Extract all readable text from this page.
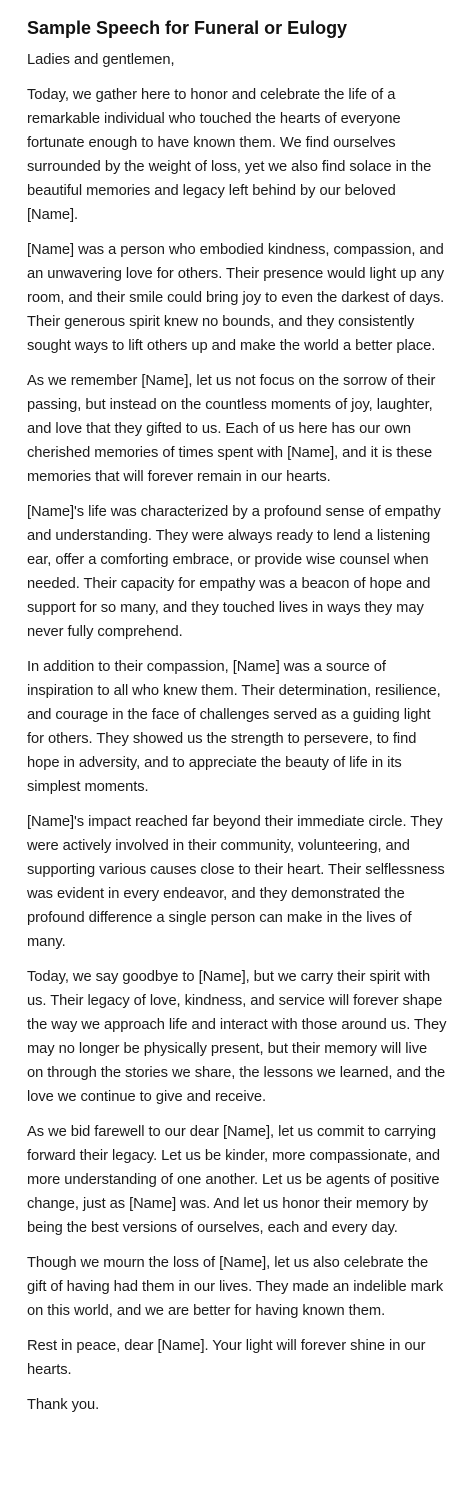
Sample Speech for Funeral or Eulogy

Ladies and gentlemen,

Today, we gather here to honor and celebrate the life of a remarkable individual who touched the hearts of everyone fortunate enough to have known them. We find ourselves surrounded by the weight of loss, yet we also find solace in the beautiful memories and legacy left behind by our beloved [Name].

[Name] was a person who embodied kindness, compassion, and an unwavering love for others. Their presence would light up any room, and their smile could bring joy to even the darkest of days. Their generous spirit knew no bounds, and they consistently sought ways to lift others up and make the world a better place.

As we remember [Name], let us not focus on the sorrow of their passing, but instead on the countless moments of joy, laughter, and love that they gifted to us. Each of us here has our own cherished memories of times spent with [Name], and it is these memories that will forever remain in our hearts.

[Name]'s life was characterized by a profound sense of empathy and understanding. They were always ready to lend a listening ear, offer a comforting embrace, or provide wise counsel when needed. Their capacity for empathy was a beacon of hope and support for so many, and they touched lives in ways they may never fully comprehend.

In addition to their compassion, [Name] was a source of inspiration to all who knew them. Their determination, resilience, and courage in the face of challenges served as a guiding light for others. They showed us the strength to persevere, to find hope in adversity, and to appreciate the beauty of life in its simplest moments.

[Name]'s impact reached far beyond their immediate circle. They were actively involved in their community, volunteering, and supporting various causes close to their heart. Their selflessness was evident in every endeavor, and they demonstrated the profound difference a single person can make in the lives of many.

Today, we say goodbye to [Name], but we carry their spirit with us. Their legacy of love, kindness, and service will forever shape the way we approach life and interact with those around us. They may no longer be physically present, but their memory will live on through the stories we share, the lessons we learned, and the love we continue to give and receive.

As we bid farewell to our dear [Name], let us commit to carrying forward their legacy. Let us be kinder, more compassionate, and more understanding of one another. Let us be agents of positive change, just as [Name] was. And let us honor their memory by being the best versions of ourselves, each and every day.

Though we mourn the loss of [Name], let us also celebrate the gift of having had them in our lives. They made an indelible mark on this world, and we are better for having known them.

Rest in peace, dear [Name]. Your light will forever shine in our hearts.

Thank you.
